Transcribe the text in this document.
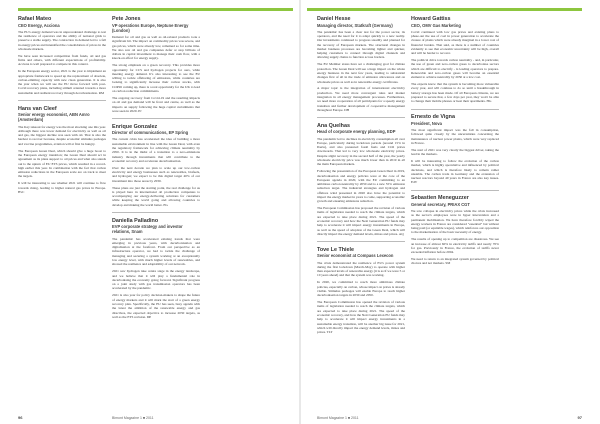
Rafael Mateo
CEO Energy, Acciona

The EU's energy demand was in unprecedented challenge to test the resilience of operators and the ability of national grids to preserve a stable supply. The contraction in demand led to a fall in energy prices and intensified the consolidation of prices in the wholesale markets.

We have seen increased competition from funds, oil and gas firms and others, with different expectations of profitability. Acciona is well prepared to compete in this context.

In the European energy sector, 2021 is the year to implement an appropriate framework to speed up the replacement of obsolete, carbon-emitting capacity with new clean generation. It is also the year when we will see the EU move forward with post-Covid recovery plans, including stimuli oriented towards a more sustainable and resilient recovery through decarbonisation. RM

Hans van Cleef
Senior energy economist, ABN Amro (Amsterdam)

The Key takeout for energy was the most shocking one this year. Although there was lower demand for electricity as well as oil and gas, the biggest decline was seen with oil. That is also the hardest to recover because, despite economic stimulus packages and vaccine programmes, aviation will at first be hungry.

The European Green Deal, which should give a huge boost to the European energy transition; the Green Deal should act in agreement as its plans support to oil prices and what also stands out is the upturn of EU ETS prices, which resulted in a record-high earlier this year. In combination with the fact that carbon emission reductions in the European scale are on track to meet the targets.

It will be interesting to see whether 2021 will continue to flow towards rising, leading to higher natural gas prices in Europe. HvC

Pete Jones
VP operations Europe, Neptune Energy (London)

Demand for oil and gas as well as oil-related products took a significant hit. The impact on commodity prices was severe, and gas prices, which were already low, remained so for some time. We also saw oil and gas companies defer or stop billions of dollars in capital investment to manage their cash flow, with a knock-on effect for energy supply.

The strong emphasis on a green recovery. This provides more opportunity for CCS and hydrogen projects for ours, while meeting energy demand. It's also interesting to see the EU willing to tackle offshoring of emissions, while countries are looking to significantly increase their carbon stocks, with COP26 coming up, there is a real opportunity for the UK to lead on carbon reduction commitments.

The ongoing recovery from Covid-19 and the resulting impacts on oil and gas demand will be front and centre, as well as the impacts on supply following the huge capital curtailments that were seen in 2020. PJ

Enrique Gonzalez
Director of communications, EP Spring

The current crisis has accelerated the idea of building a more sustainable environment in line with the Green Deal, with even the regulatory framework for achieving climate neutrality by 2050. It is in the midst of a transition to a zero-emissions industry through investments that will contribute to the economic recovery and accelerate decarbonisation.

Over the next decade we plan to scale up our low-carbon electricity and energy businesses such as renewables, biofuels, and hydrogen; we expect to be this digital target 40% of our investment into those areas by 2030.

These plans are just the starting point, the real challenge for us is played here in international oil production companies to accompanying our energy-delivering solutions for customers while keeping the world going and allowing countries to develop and making the world better. EG

Daniella Palladino
EVP corporate strategy and investor relations, Snam

The pandemic has accelerated existing trends that were emerging in previous years, with decarbonisation and digitalisation at the forefront. From our perspective as an infrastructure operator, we had to tackle the challenge of managing and securing a system working at an exceptionally low energy level, with much higher levels of renewables, and showed the resilience and adaptability of our network.

2021 saw hydrogen take centre stage in the energy landscape, and we believe that it will play a fundamental role in decarbonising the economy going forward. Significant progress on a joint study with gas transmission operators has been accelerated by the pandemic.

2021 is also year for policy decision-makers to shape the future of energy markets and it will mark the start of a green energy recovery plan. Specifically, the EU has seen, busy agenda with the latest the ambition of the renewable energy and gas directives, the expected objective to increase 2030 targets, as well as the ETS revision. DP

96	Bimont Magazine 1 ■ 2011
Daniel Hesse
Managing director, Statkraft (Germany)

The pandemic has been a clear test for the power sector, its operators, and the need for it to adapt quickly to a new reality. Our investments continued to progress steadily and planned for the recovery of European markets. The structural changes in market business processes are becoming lighter and quicker, helping customers to connect through digital channels and allowing supply chains to function across borders.

The EU Member states have set a challenging goal for climate protection. The Green Deal will see a huge impact on the whole energy business in the next few years, leading to substantial changes first of all in the trade of emission allowances and on wholesale prices as well as in renewable energy certificates.

A major topic is the integration of international electricity production. We need more convergent rules and market integration in all energy management processes. Furthermore, we need more cooperation of all participants for a speedy energy transition and further development of cooperative management throughout Europe. DH

Ana Quelhas
Head of corporate energy planning, EDP

The pandemic led to declines in electricity consumption all over Europe, particularly during lockdown periods (around 15% in Iberia), and also pressured fossil fuels and CO2 prices downwards. That led to very low wholesale electricity prices. Despite slight recovery in the second half of the year, the yearly wholesale electricity price was much lower than in 2019 in all the main European markets.

Following the presentation of the European Green Deal in 2019, decarbonisation and energy policies were at the core of the European agenda in 2020, with the EU committing to an ambitious carbon neutrality by 2050 and to a new 55% emission reduction target. The industrial strategies and hydrogen and offshore wind presented in 2020 also have the potential to impact the energy market in years to come, supporting economic growth and ensuring emissions reduction.

The European Commission has proposed the revision of various items of legislation needed to reach the climate targets, which are expected to take place during 2021. The speed of the economic recovery and how the Next Generation EU funds may help to accelerate it will impact energy investments in Europe, as well as the speed of adoption of the Green Deal, which will directly impact the energy demand levels, mixes and prices. AQ

Tove Le Thiele
Senior economist at Compass Lexecon

The crisis demonstrated the resilience of EU's power system during the first lockdown (March-May) to operate with higher than expected levels of renewable energy (it is as if we were 5 or 10 years ahead) and that the system was working.

In 2020, we committed to reach more ambitious climate policies, especially on carbon, whose impact on prices is already visible. Stimulus packages will enable Europe to reach higher decarbonisation targets in 2030 and 2050.

The European Commission has opened the revision of various items of legislation needed to reach the climate targets, which are expected to take place during 2021. The speed of the economic recovery, and how the Next Generation EU funds may help to accelerate it will impact energy investments in a sustainable energy transition, will be another big issue for 2021, which will directly impact the energy demand levels, mixes and prices. TLT

Howard Gattiss
CEO, OMV Gas Marketing

Covid continued with low gas prices and existing plans to phase-out the use of coal in power generation to accelerate the closure of plants which were already marginal in a lower cost of financial burden. That said, as there is a number of countries evidently to see that economic uncertainty will be high, overall and will be harder to recover.

The political drive towards carbon neutrality - and, in particular, the use of green and zero-carbon gases to decarbonise sectors which are difficult to electrify - is leading operators to prepare. Renewable and zero-carbon gases will become an essential element to achieve neutrality by 2050 at a low cost.

The experts know that the system is becoming more vulnerable every year, and will continue to do so until a breakthrough in battery storage has been made. Of all European citizens, we are prepared to secure that, a few days per year, they won't be able to change their mobile phones or heat their apartments. HG

Ernesto de Vigna
President, Nova

The most significant impact was the fall in consumption, followed quite closely by the uncertainties concerning the maintenance of nuclear power plants, which were very replaced in France.

The start of 2021 was very clearly the biggest driver, taking the lead in the markets.

It will be interesting to follow the evolution of the carbon market, which is highly speculative and influenced by political decisions, and which is therefore likely to remain rather unstable. The carbon trade in Germany and the extension of nuclear reactors beyond 40 years in France are also key issues. EdV

Sebastien Meneguzzer
General secretary, PRIAX CGT

We saw collapse in electricity prices while the crisis increased as the sector's employees were in hyper intervention and a permanent mobilisation. We have therefore forcibly wiped the energy workers in France are considered "essential" but without being paid (or equitable wages), which reinforces our opposition to the marketisation of the basic necessity of energy.

The results of opening up to competition are disastrous. We see an increase of almost 60% in electricity tariffs and nearly 70% for gas. Previously in France, the evolution of tariffs never exceeded inflation before 2004.

We need to return to an integrated system governed by political choices and not markets. SM

Bimont Magazine 1 ■ 2011	97
